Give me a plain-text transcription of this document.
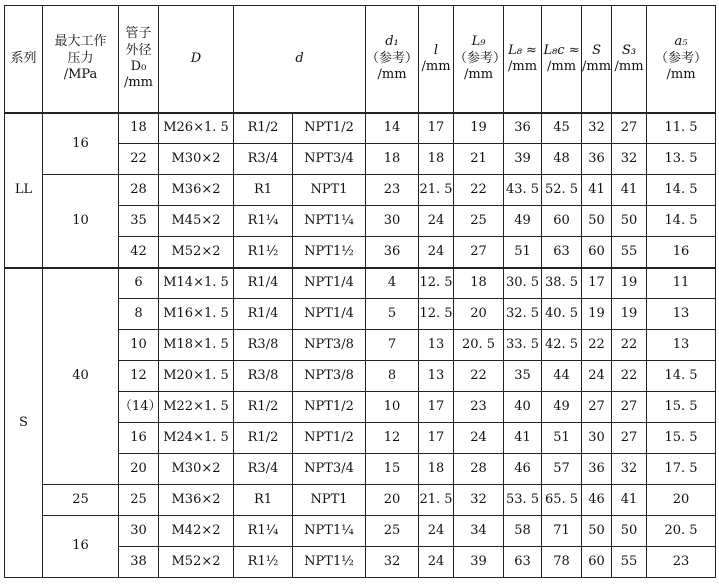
系列	最大工作
压力
/MPa	管子
外径
D₀
/mm	D	d		d₁
（参考）
/mm	l
/mm	L₉
（参考）
/mm	L₈ ≈
/mm	L₈c ≈
/mm	S
/mm	S₃
/mm	a₅
（参考）
/mm

LL	16	18	M26×1. 5	R1/2	NPT1/2	14	17	19	36	45	32	27	11. 5
		22	M30×2	R3/4	NPT3/4	18	18	21	39	48	36	32	13. 5
	10	28	M36×2	R1	NPT1	23	21. 5	22	43. 5	52. 5	41	41	14. 5
		35	M45×2	R1¼	NPT1¼	30	24	25	49	60	50	50	14. 5
		42	M52×2	R1½	NPT1½	36	24	27	51	63	60	55	16
S	40	6	M14×1. 5	R1/4	NPT1/4	4	12. 5	18	30. 5	38. 5	17	19	11
		8	M16×1. 5	R1/4	NPT1/4	5	12. 5	20	32. 5	40. 5	19	19	13
		10	M18×1. 5	R3/8	NPT3/8	7	13	20. 5	33. 5	42. 5	22	22	13
		12	M20×1. 5	R3/8	NPT3/8	8	13	22	35	44	24	22	14. 5
		（14）	M22×1. 5	R1/2	NPT1/2	10	17	23	40	49	27	27	15. 5
		16	M24×1. 5	R1/2	NPT1/2	12	17	24	41	51	30	27	15. 5
		20	M30×2	R3/4	NPT3/4	15	18	28	46	57	36	32	17. 5
	25	25	M36×2	R1	NPT1	20	21. 5	32	53. 5	65. 5	46	41	20
	16	30	M42×2	R1¼	NPT1¼	25	24	34	58	71	50	50	20. 5
		38	M52×2	R1½	NPT1½	32	24	39	63	78	60	55	23
